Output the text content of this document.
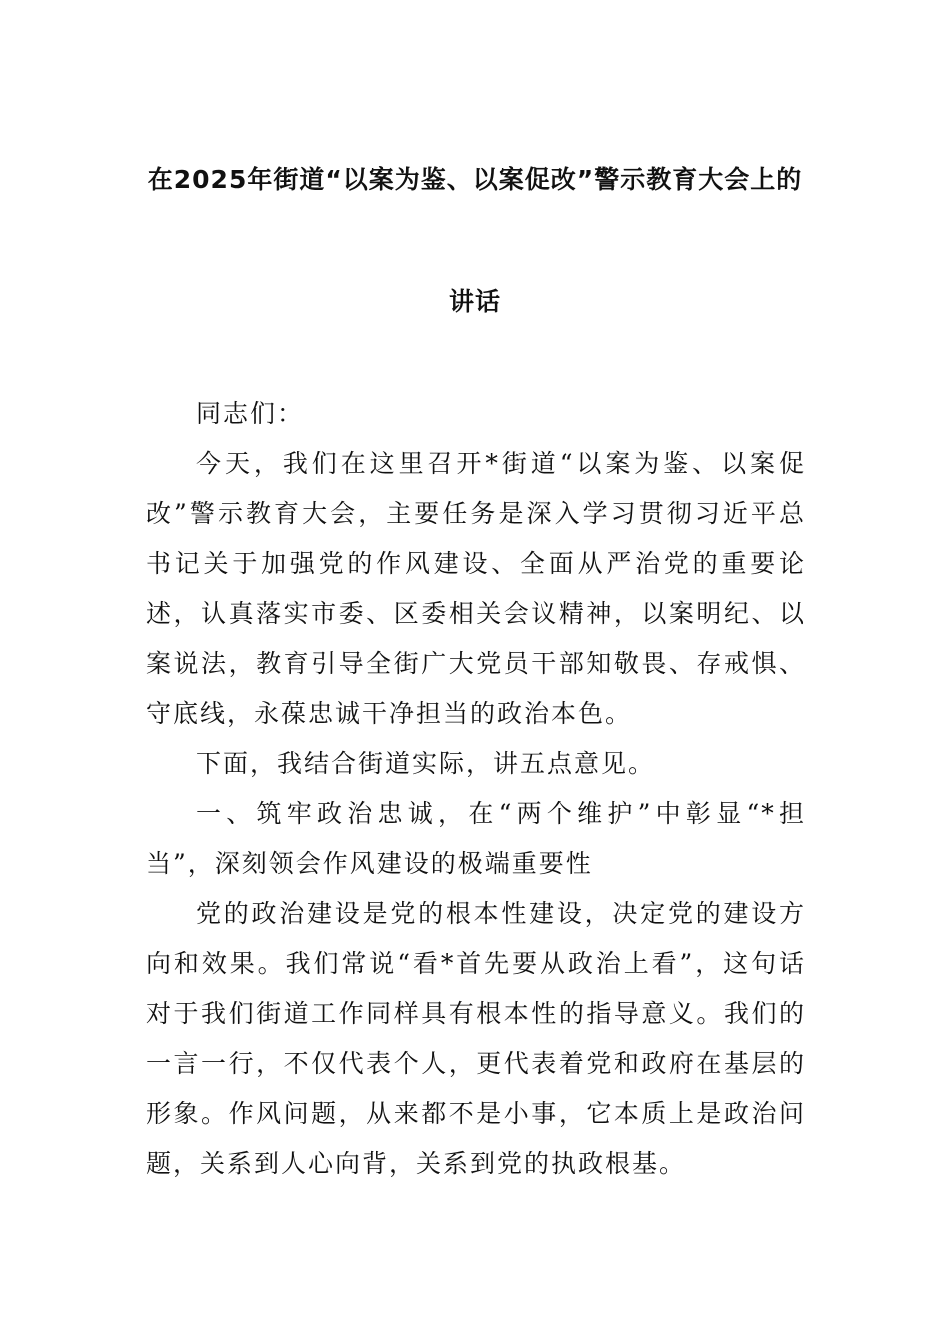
在2025年街道“以案为鉴、以案促改”警示教育大会上的
讲话

同志们：

今天，我们在这里召开*街道“以案为鉴、以案促改”警示教育大会，主要任务是深入学习贯彻习近平总书记关于加强党的作风建设、全面从严治党的重要论述，认真落实市委、区委相关会议精神，以案明纪、以案说法，教育引导全街广大党员干部知敬畏、存戒惧、守底线，永葆忠诚干净担当的政治本色。

下面，我结合街道实际，讲五点意见。

一、筑牢政治忠诚，在“两个维护”中彰显“*担当”，深刻领会作风建设的极端重要性

党的政治建设是党的根本性建设，决定党的建设方向和效果。我们常说“看*首先要从政治上看”，这句话对于我们街道工作同样具有根本性的指导意义。我们的一言一行，不仅代表个人，更代表着党和政府在基层的形象。作风问题，从来都不是小事，它本质上是政治问题，关系到人心向背，关系到党的执政根基。
